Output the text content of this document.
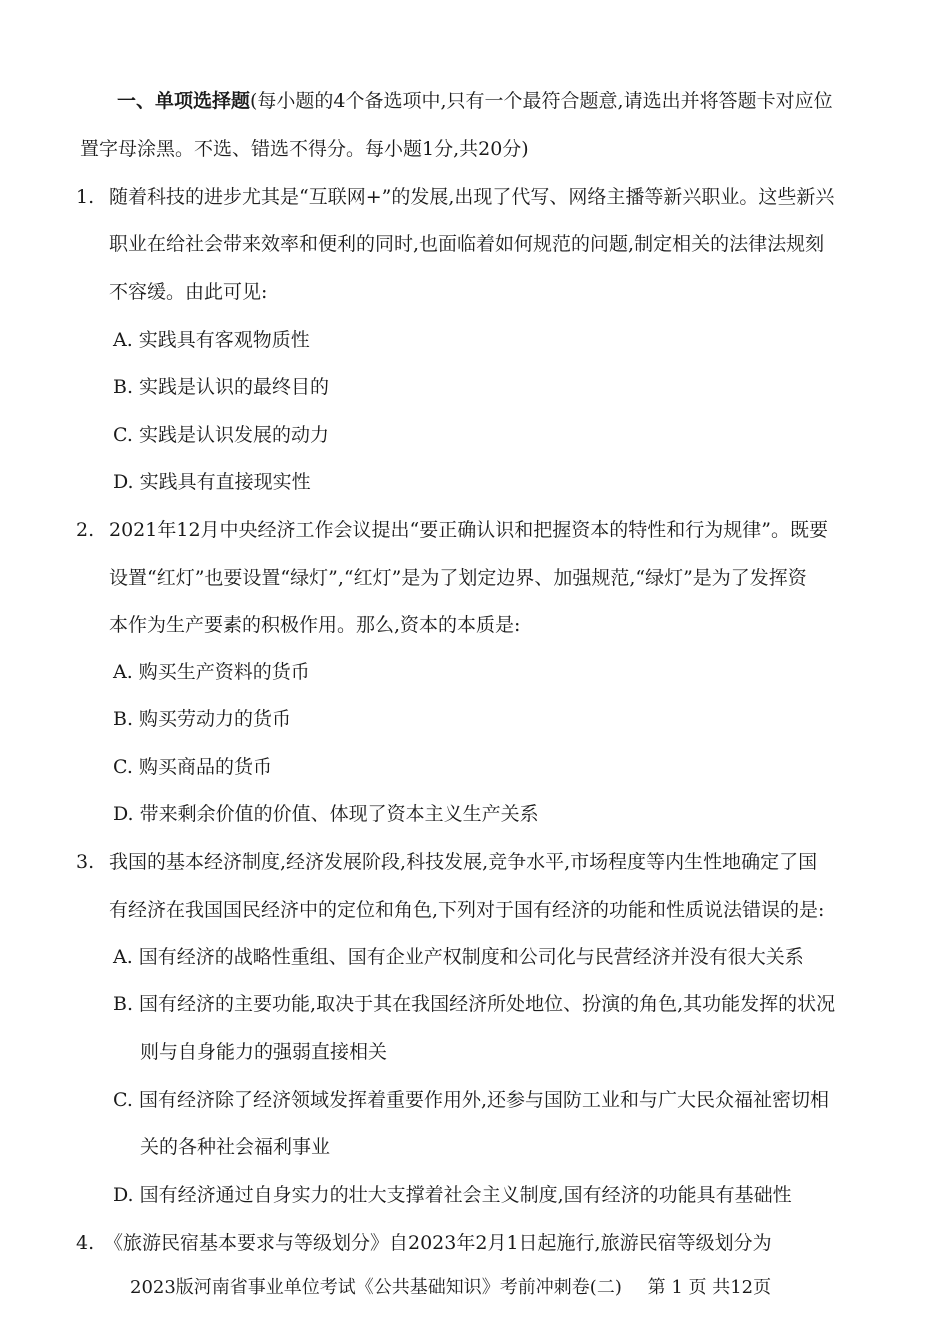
一、单项选择题(每小题的4个备选项中,只有一个最符合题意,请选出并将答题卡对应位
置字母涂黑。不选、错选不得分。每小题1分,共20分)
1. 随着科技的进步尤其是“互联网+”的发展,出现了代写、网络主播等新兴职业。这些新兴
职业在给社会带来效率和便利的同时,也面临着如何规范的问题,制定相关的法律法规刻
不容缓。由此可见:
A. 实践具有客观物质性
B. 实践是认识的最终目的
C. 实践是认识发展的动力
D. 实践具有直接现实性
2. 2021年12月中央经济工作会议提出“要正确认识和把握资本的特性和行为规律”。既要
设置“红灯”也要设置“绿灯”,“红灯”是为了划定边界、加强规范,“绿灯”是为了发挥资
本作为生产要素的积极作用。那么,资本的本质是:
A. 购买生产资料的货币
B. 购买劳动力的货币
C. 购买商品的货币
D. 带来剩余价值的价值、体现了资本主义生产关系
3. 我国的基本经济制度,经济发展阶段,科技发展,竞争水平,市场程度等内生性地确定了国
有经济在我国国民经济中的定位和角色,下列对于国有经济的功能和性质说法错误的是:
A. 国有经济的战略性重组、国有企业产权制度和公司化与民营经济并没有很大关系
B. 国有经济的主要功能,取决于其在我国经济所处地位、扮演的角色,其功能发挥的状况
则与自身能力的强弱直接相关
C. 国有经济除了经济领域发挥着重要作用外,还参与国防工业和与广大民众福祉密切相
关的各种社会福利事业
D. 国有经济通过自身实力的壮大支撑着社会主义制度,国有经济的功能具有基础性
4. 《旅游民宿基本要求与等级划分》自2023年2月1日起施行,旅游民宿等级划分为
2023版河南省事业单位考试《公共基础知识》考前冲刺卷(二) 第 1 页 共12页
